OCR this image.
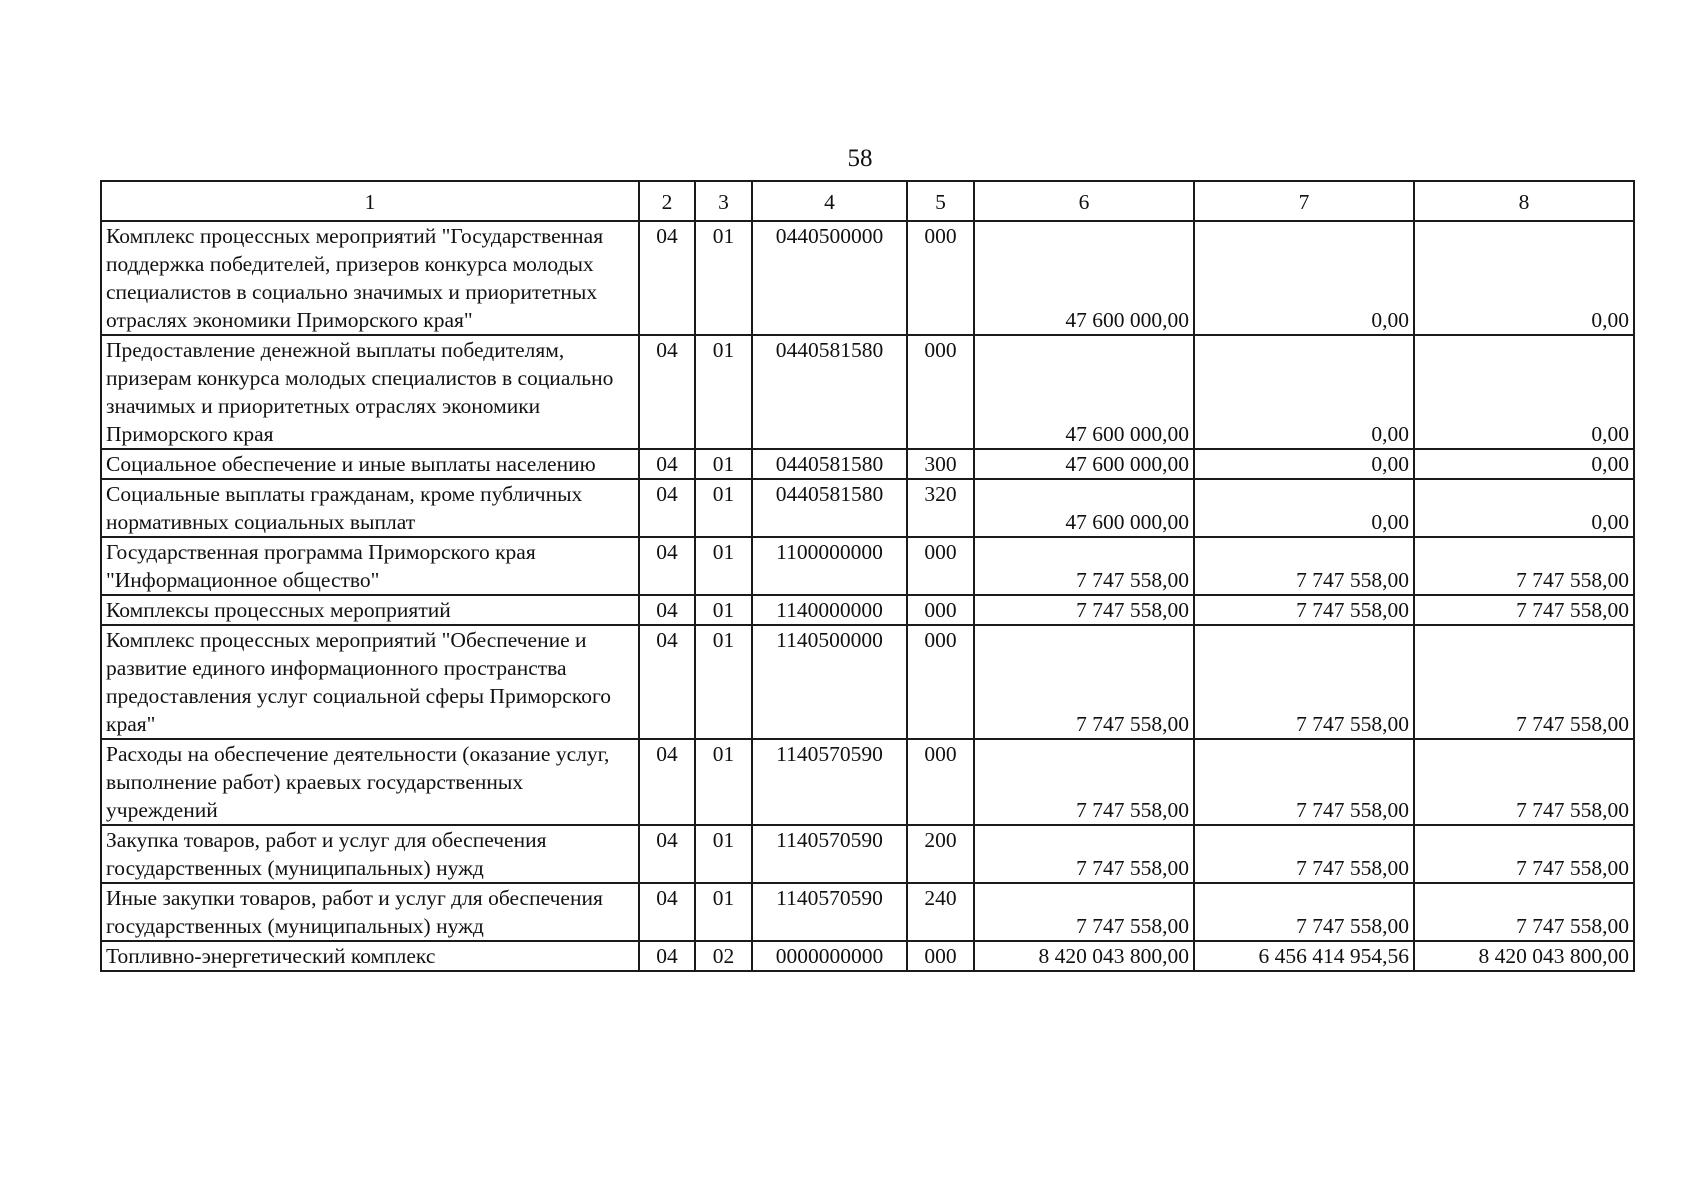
58
1	2	3	4	5	6	7	8
Комплекс процессных мероприятий "Государственная поддержка победителей, призеров конкурса молодых специалистов в социально значимых и приоритетных отраслях экономики Приморского края"	04	01	0440500000	000	47 600 000,00	0,00	0,00
Предоставление денежной выплаты победителям, призерам конкурса молодых специалистов в социально значимых и приоритетных отраслях экономики Приморского края	04	01	0440581580	000	47 600 000,00	0,00	0,00
Социальное обеспечение и иные выплаты населению	04	01	0440581580	300	47 600 000,00	0,00	0,00
Социальные выплаты гражданам, кроме публичных нормативных социальных выплат	04	01	0440581580	320	47 600 000,00	0,00	0,00
Государственная программа Приморского края "Информационное общество"	04	01	1100000000	000	7 747 558,00	7 747 558,00	7 747 558,00
Комплексы процессных мероприятий	04	01	1140000000	000	7 747 558,00	7 747 558,00	7 747 558,00
Комплекс процессных мероприятий "Обеспечение и развитие единого информационного пространства предоставления услуг социальной сферы Приморского края"	04	01	1140500000	000	7 747 558,00	7 747 558,00	7 747 558,00
Расходы на обеспечение деятельности (оказание услуг, выполнение работ) краевых государственных учреждений	04	01	1140570590	000	7 747 558,00	7 747 558,00	7 747 558,00
Закупка товаров, работ и услуг для обеспечения государственных (муниципальных) нужд	04	01	1140570590	200	7 747 558,00	7 747 558,00	7 747 558,00
Иные закупки товаров, работ и услуг для обеспечения государственных (муниципальных) нужд	04	01	1140570590	240	7 747 558,00	7 747 558,00	7 747 558,00
Топливно-энергетический комплекс	04	02	0000000000	000	8 420 043 800,00	6 456 414 954,56	8 420 043 800,00
